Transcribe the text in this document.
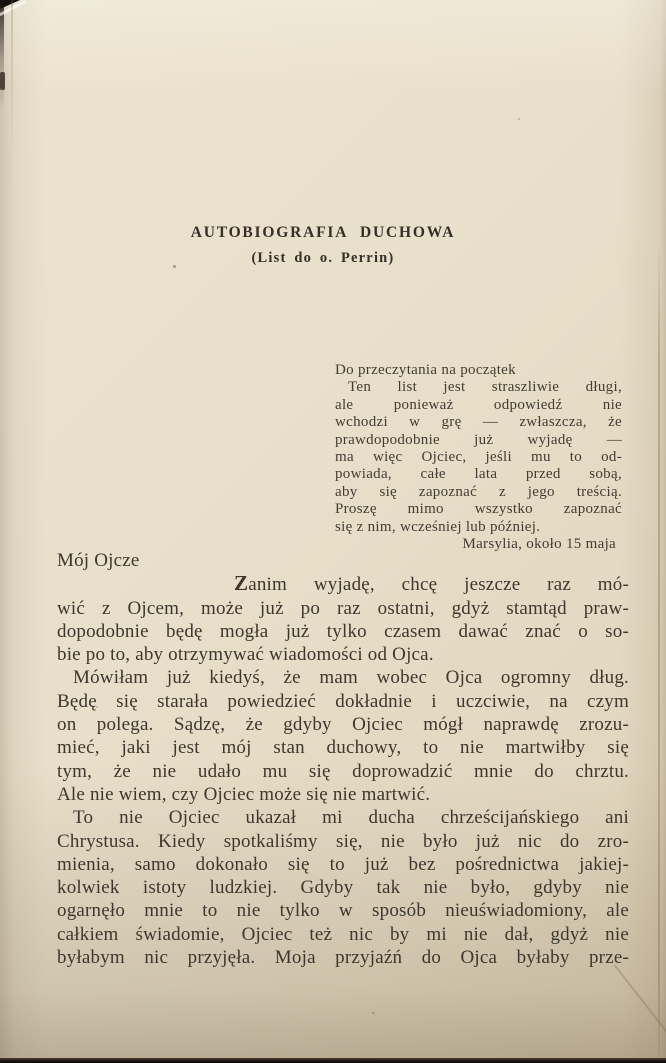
AUTOBIOGRAFIA DUCHOWA
(List do o. Perrin)
Do przeczytania na początek
Ten list jest straszliwie długi,
ale ponieważ odpowiedź nie
wchodzi w grę — zwłaszcza, że
prawdopodobnie już wyjadę —
ma więc Ojciec, jeśli mu to od-
powiada, całe lata przed sobą,
aby się zapoznać z jego treścią.
Proszę mimo wszystko zapoznać
się z nim, wcześniej lub później.
Marsylia, około 15 maja
Mój Ojcze
Zanim wyjadę, chcę jeszcze raz mó-
wić z Ojcem, może już po raz ostatni, gdyż stamtąd praw-
dopodobnie będę mogła już tylko czasem dawać znać o so-
bie po to, aby otrzymywać wiadomości od Ojca.
Mówiłam już kiedyś, że mam wobec Ojca ogromny dług.
Będę się starała powiedzieć dokładnie i uczciwie, na czym
on polega. Sądzę, że gdyby Ojciec mógł naprawdę zrozu-
mieć, jaki jest mój stan duchowy, to nie martwiłby się
tym, że nie udało mu się doprowadzić mnie do chrztu.
Ale nie wiem, czy Ojciec może się nie martwić.
To nie Ojciec ukazał mi ducha chrześcijańskiego ani
Chrystusa. Kiedy spotkaliśmy się, nie było już nic do zro-
mienia, samo dokonało się to już bez pośrednictwa jakiej-
kolwiek istoty ludzkiej. Gdyby tak nie było, gdyby nie
ogarnęło mnie to nie tylko w sposób nieuświadomiony, ale
całkiem świadomie, Ojciec też nic by mi nie dał, gdyż nie
byłabym nic przyjęła. Moja przyjaźń do Ojca byłaby prze-
